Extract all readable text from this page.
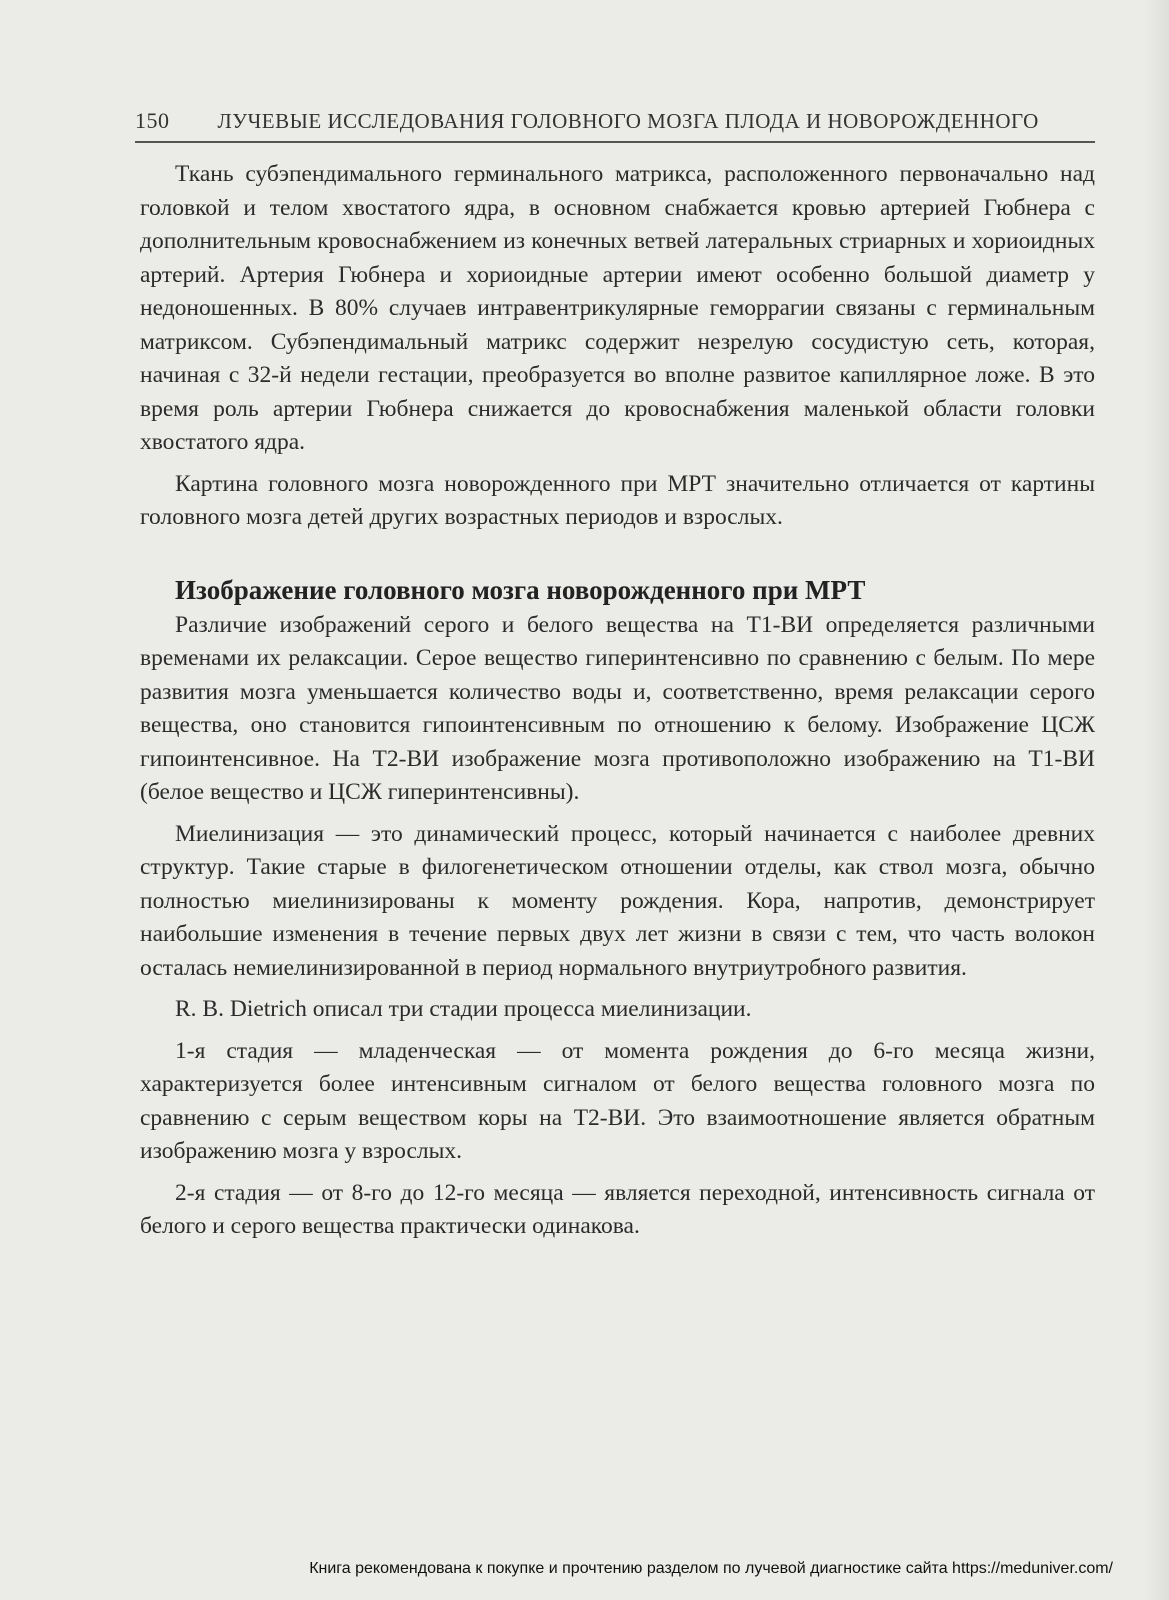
150 ЛУЧЕВЫЕ ИССЛЕДОВАНИЯ ГОЛОВНОГО МОЗГА ПЛОДА И НОВОРОЖДЕННОГО

Ткань субэпендимального герминального матрикса, расположенного первоначально над головкой и телом хвостатого ядра, в основном снабжается кровью артерией Гюбнера с дополнительным кровоснабжением из конечных ветвей латеральных стриарных и хориоидных артерий. Артерия Гюбнера и хориоидные артерии имеют особенно большой диаметр у недоношенных. В 80% случаев интравентрикулярные геморрагии связаны с герминальным матриксом. Субэпендимальный матрикс содержит незрелую сосудистую сеть, которая, начиная с 32-й недели гестации, преобразуется во вполне развитое капиллярное ложе. В это время роль артерии Гюбнера снижается до кровоснабжения маленькой области головки хвостатого ядра.

Картина головного мозга новорожденного при МРТ значительно отличается от картины головного мозга детей других возрастных периодов и взрослых.

Изображение головного мозга новорожденного при МРТ

Различие изображений серого и белого вещества на Т1-ВИ определяется различными временами их релаксации. Серое вещество гиперинтенсивно по сравнению с белым. По мере развития мозга уменьшается количество воды и, соответственно, время релаксации серого вещества, оно становится гипоинтенсивным по отношению к белому. Изображение ЦСЖ гипоинтенсивное. На Т2-ВИ изображение мозга противоположно изображению на Т1-ВИ (белое вещество и ЦСЖ гиперинтенсивны).

Миелинизация — это динамический процесс, который начинается с наиболее древних структур. Такие старые в филогенетическом отношении отделы, как ствол мозга, обычно полностью миелинизированы к моменту рождения. Кора, напротив, демонстрирует наибольшие изменения в течение первых двух лет жизни в связи с тем, что часть волокон осталась немиелинизированной в период нормального внутриутробного развития.

R. B. Dietrich описал три стадии процесса миелинизации.

1-я стадия — младенческая — от момента рождения до 6-го месяца жизни, характеризуется более интенсивным сигналом от белого вещества головного мозга по сравнению с серым веществом коры на Т2-ВИ. Это взаимоотношение является обратным изображению мозга у взрослых.

2-я стадия — от 8-го до 12-го месяца — является переходной, интенсивность сигнала от белого и серого вещества практически одинакова.

Книга рекомендована к покупке и прочтению разделом по лучевой диагностике сайта https://meduniver.com/
